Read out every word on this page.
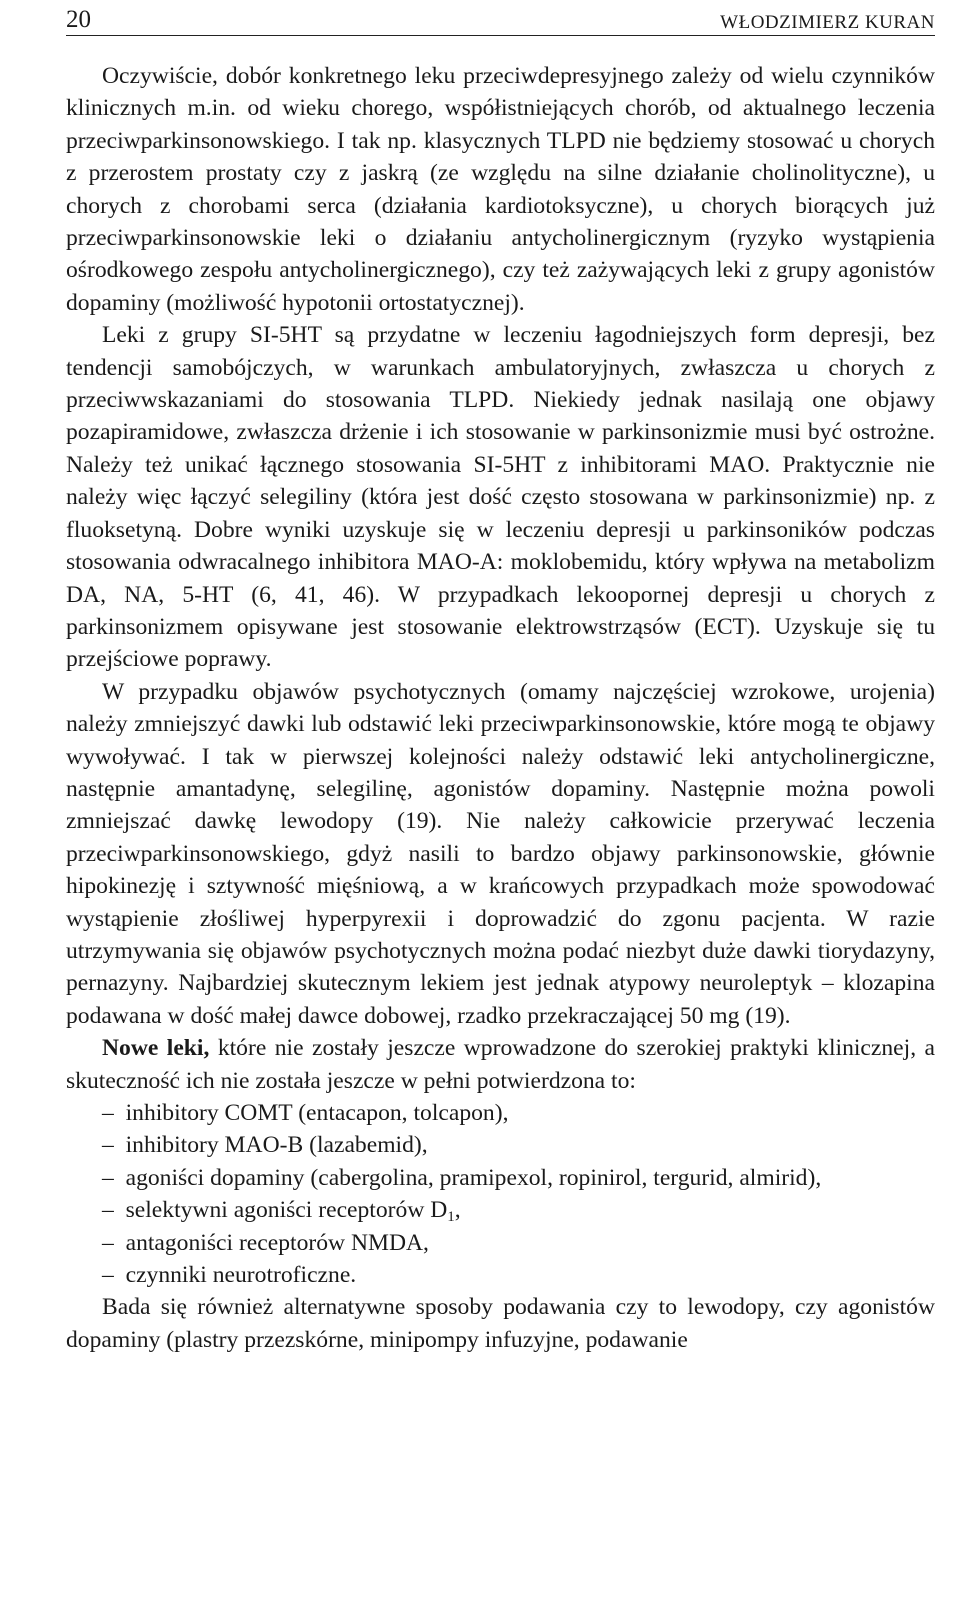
20	WŁODZIMIERZ KURAN

Oczywiście, dobór konkretnego leku przeciwdepresyjnego zależy od wielu czynników klinicznych m.in. od wieku chorego, współistniejących chorób, od aktualnego leczenia przeciwparkinsonowskiego. I tak np. klasycznych TLPD nie będziemy stosować u chorych z przerostem prostaty czy z jaskrą (ze względu na silne działanie cholinolityczne), u chorych z chorobami serca (działania kardiotoksyczne), u chorych biorących już przeciwparkinsonowskie leki o działaniu antycholinergicznym (ryzyko wystąpienia ośrodkowego zespołu antycholinergicznego), czy też zażywających leki z grupy agonistów dopaminy (możliwość hypotonii ortostatycznej).

Leki z grupy SI-5HT są przydatne w leczeniu łagodniejszych form depresji, bez tendencji samobójczych, w warunkach ambulatoryjnych, zwłaszcza u chorych z przeciwwskazaniami do stosowania TLPD. Niekiedy jednak nasilają one objawy pozapiramidowe, zwłaszcza drżenie i ich stosowanie w parkinsonizmie musi być ostrożne. Należy też unikać łącznego stosowania SI-5HT z inhibitorami MAO. Praktycznie nie należy więc łączyć selegiliny (która jest dość często stosowana w parkinsonizmie) np. z fluoksetyną. Dobre wyniki uzyskuje się w leczeniu depresji u parkinsoników podczas stosowania odwracalnego inhibitora MAO-A: moklobemidu, który wpływa na metabolizm DA, NA, 5-HT (6, 41, 46). W przypadkach lekoopornej depresji u chorych z parkinsonizmem opisywane jest stosowanie elektrowstrząsów (ECT). Uzyskuje się tu przejściowe poprawy.

W przypadku objawów psychotycznych (omamy najczęściej wzrokowe, urojenia) należy zmniejszyć dawki lub odstawić leki przeciwparkinsonowskie, które mogą te objawy wywoływać. I tak w pierwszej kolejności należy odstawić leki antycholinergiczne, następnie amantadynę, selegilinę, agonistów dopaminy. Następnie można powoli zmniejszać dawkę lewodopy (19). Nie należy całkowicie przerywać leczenia przeciwparkinsonowskiego, gdyż nasili to bardzo objawy parkinsonowskie, głównie hipokinezję i sztywność mięśniową, a w krańcowych przypadkach może spowodować wystąpienie złośliwej hyperpyrexii i doprowadzić do zgonu pacjenta. W razie utrzymywania się objawów psychotycznych można podać niezbyt duże dawki tiorydazyny, pernazyny. Najbardziej skutecznym lekiem jest jednak atypowy neuroleptyk – klozapina podawana w dość małej dawce dobowej, rzadko przekraczającej 50 mg (19).

Nowe leki, które nie zostały jeszcze wprowadzone do szerokiej praktyki klinicznej, a skuteczność ich nie została jeszcze w pełni potwierdzona to:

–  inhibitory COMT (entacapon, tolcapon),
–  inhibitory MAO-B (lazabemid),
–  agoniści dopaminy (cabergolina, pramipexol, ropinirol, tergurid, almirid),
–  selektywni agoniści receptorów $D_1$,
–  antagoniści receptorów NMDA,
–  czynniki neurotroficzne.

Bada się również alternatywne sposoby podawania czy to lewodopy, czy agonistów dopaminy (plastry przezskórne, minipompy infuzyjne, podawanie
